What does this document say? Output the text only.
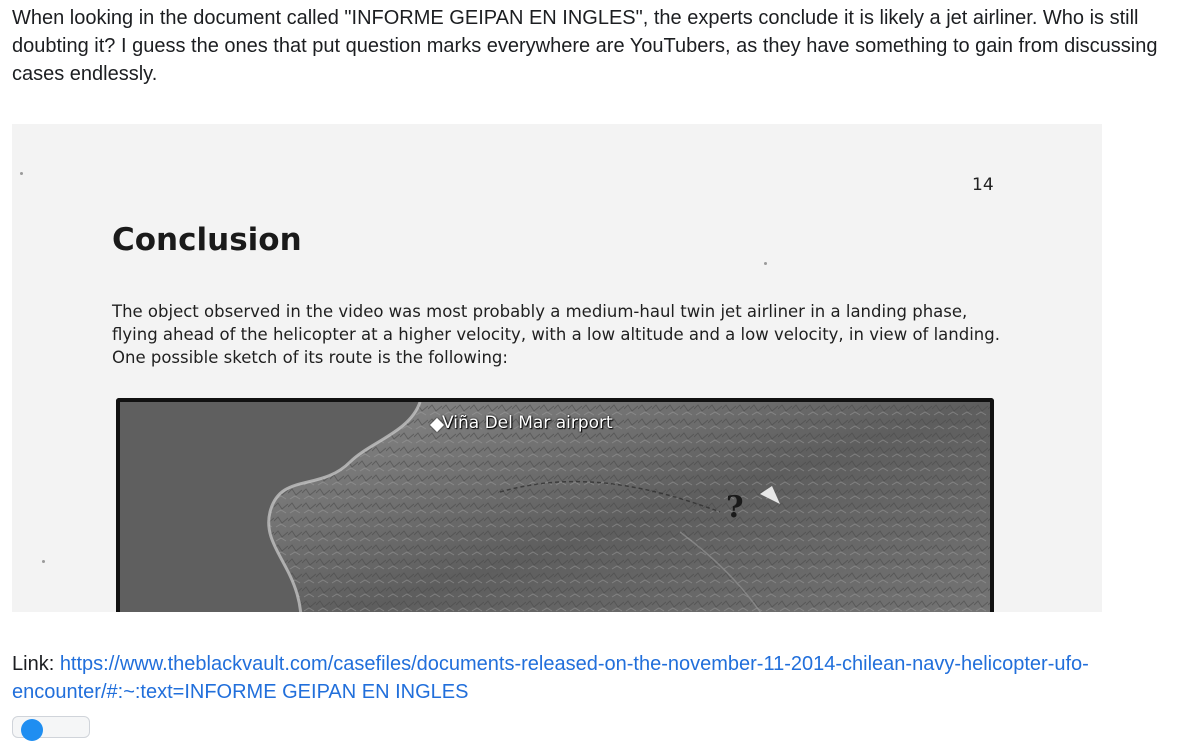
When looking in the document called "INFORME GEIPAN EN INGLES", the experts conclude it is likely a jet airliner. Who is still doubting it? I guess the ones that put question marks everywhere are YouTubers, as they have something to gain from discussing cases endlessly.

14
Conclusion

The object observed in the video was most probably a medium-haul twin jet airliner in a landing phase, flying ahead of the helicopter at a higher velocity, with a low altitude and a low velocity, in view of landing. One possible sketch of its route is the following:

Viña Del Mar airport
?

Link: https://www.theblackvault.com/casefiles/documents-released-on-the-november-11-2014-chilean-navy-helicopter-ufo-encounter/#:~:text=INFORME GEIPAN EN INGLES
